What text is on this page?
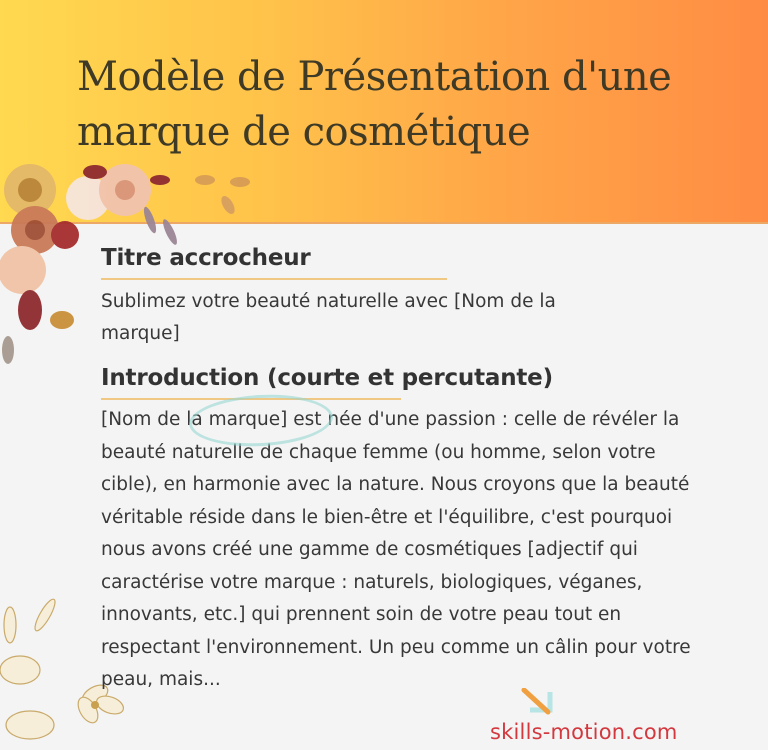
Modèle de Présentation d'une marque de cosmétique
Titre accrocheur

Sublimez votre beauté naturelle avec [Nom de la marque]

Introduction (courte et percutante)

[Nom de la marque] est née d'une passion : celle de révéler la beauté naturelle de chaque femme (ou homme, selon votre cible), en harmonie avec la nature. Nous croyons que la beauté véritable réside dans le bien-être et l'équilibre, c'est pourquoi nous avons créé une gamme de cosmétiques [adjectif qui caractérise votre marque : naturels, biologiques, véganes, innovants, etc.] qui prennent soin de votre peau tout en respectant l'environnement. Un peu comme un câlin pour votre peau, mais...

skills-motion.com
